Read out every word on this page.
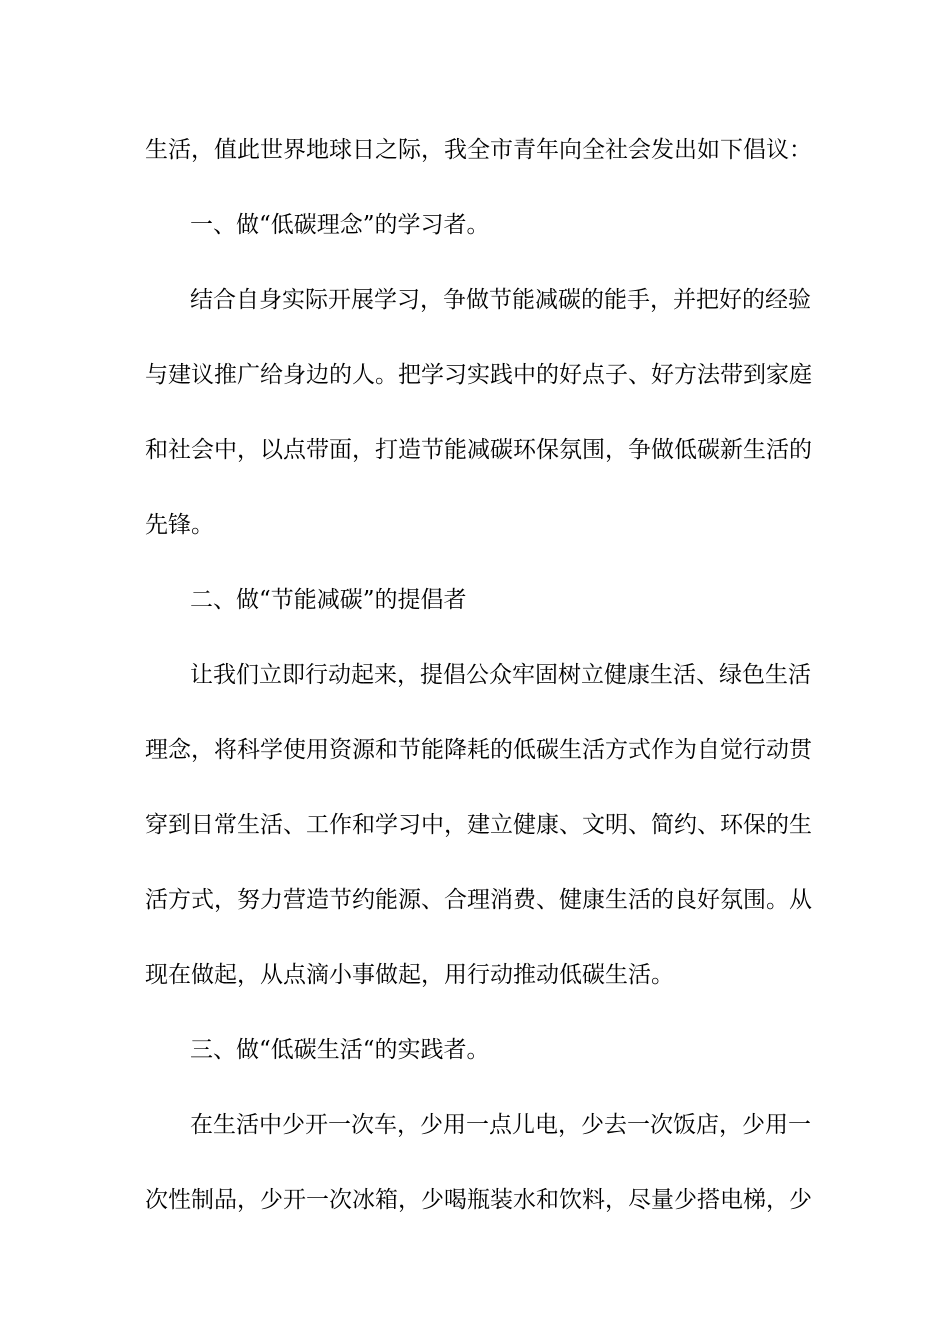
生活，值此世界地球日之际，我全市青年向全社会发出如下倡议：
一、做“低碳理念”的学习者。
结合自身实际开展学习，争做节能减碳的能手，并把好的经验
与建议推广给身边的人。把学习实践中的好点子、好方法带到家庭
和社会中，以点带面，打造节能减碳环保氛围，争做低碳新生活的
先锋。
二、做“节能减碳”的提倡者
让我们立即行动起来，提倡公众牢固树立健康生活、绿色生活
理念，将科学使用资源和节能降耗的低碳生活方式作为自觉行动贯
穿到日常生活、工作和学习中，建立健康、文明、简约、环保的生
活方式，努力营造节约能源、合理消费、健康生活的良好氛围。从
现在做起，从点滴小事做起，用行动推动低碳生活。
三、做“低碳生活“的实践者。
在生活中少开一次车，少用一点儿电，少去一次饭店，少用一
次性制品，少开一次冰箱，少喝瓶装水和饮料，尽量少搭电梯，少
